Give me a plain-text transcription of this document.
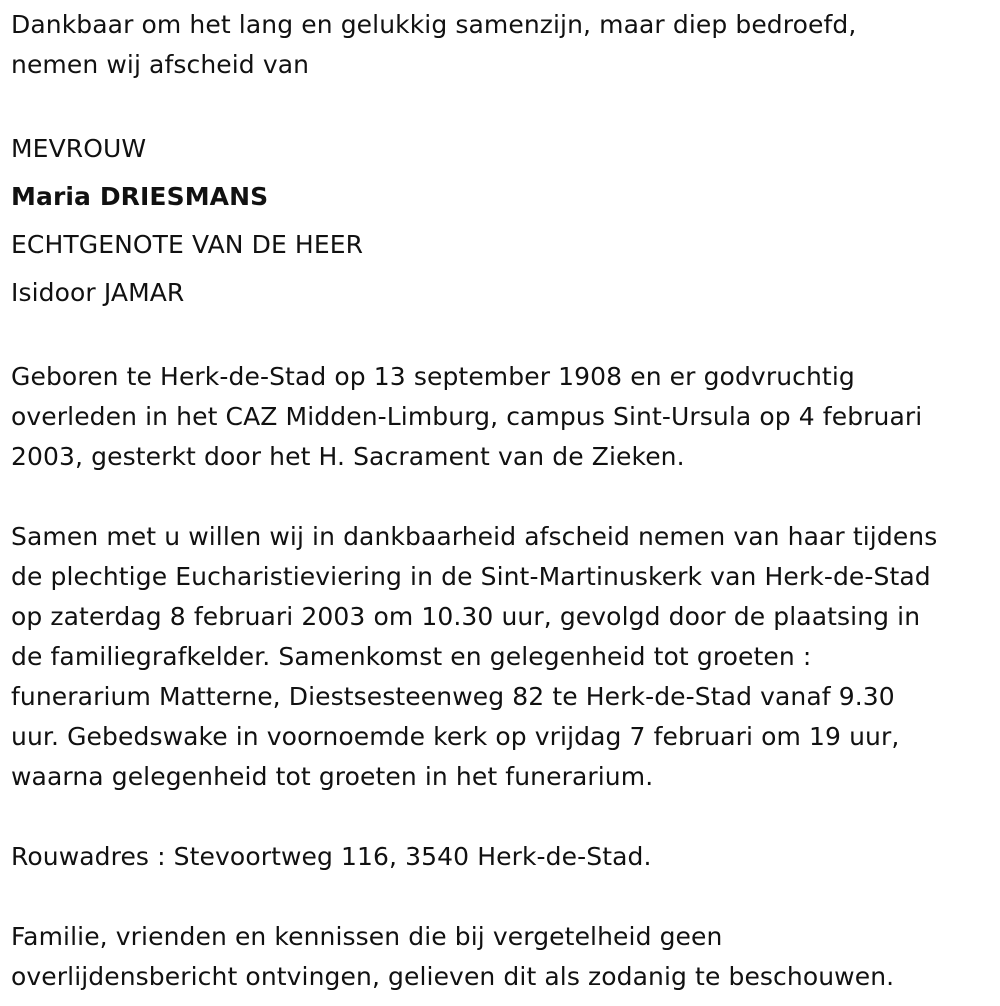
Dankbaar om het lang en gelukkig samenzijn, maar diep bedroefd,

nemen wij afscheid van

MEVROUW

Maria DRIESMANS

ECHTGENOTE VAN DE HEER

Isidoor JAMAR

Geboren te Herk-de-Stad op 13 september 1908 en er godvruchtig

overleden in het CAZ Midden-Limburg, campus Sint-Ursula op 4 februari

2003, gesterkt door het H. Sacrament van de Zieken.

Samen met u willen wij in dankbaarheid afscheid nemen van haar tijdens

de plechtige Eucharistieviering in de Sint-Martinuskerk van Herk-de-Stad

op zaterdag 8 februari 2003 om 10.30 uur, gevolgd door de plaatsing in

de familiegrafkelder. Samenkomst en gelegenheid tot groeten :

funerarium Matterne, Diestsesteenweg 82 te Herk-de-Stad vanaf 9.30

uur. Gebedswake in voornoemde kerk op vrijdag 7 februari om 19 uur,

waarna gelegenheid tot groeten in het funerarium.

Rouwadres : Stevoortweg 116, 3540 Herk-de-Stad.

Familie, vrienden en kennissen die bij vergetelheid geen

overlijdensbericht ontvingen, gelieven dit als zodanig te beschouwen.
